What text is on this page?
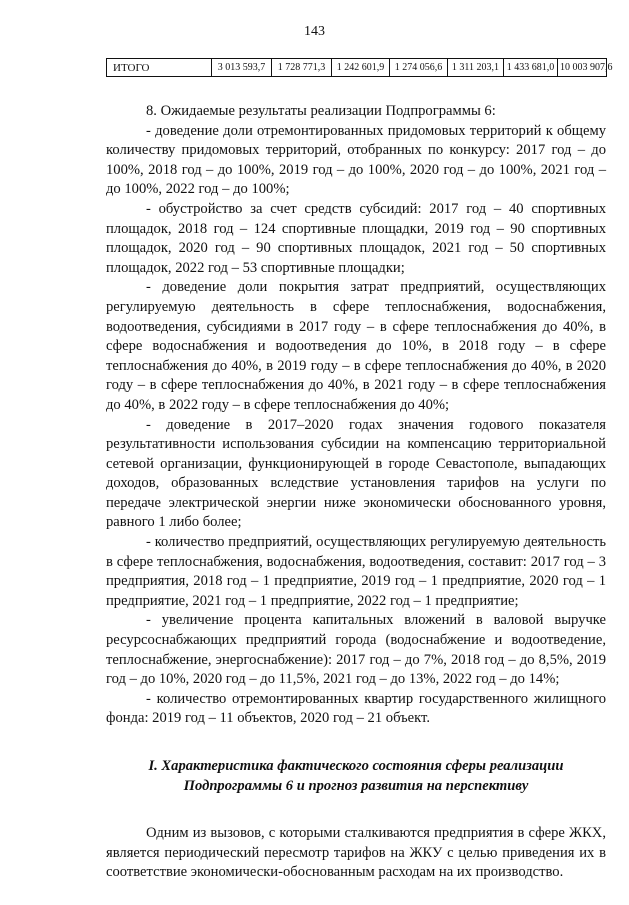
143
ИТОГО	3 013 593,7	1 728 771,3	1 242 601,9	1 274 056,6	1 311 203,1	1 433 681,0	10 003 907,6

8. Ожидаемые результаты реализации Подпрограммы 6:

- доведение доли отремонтированных придомовых территорий к общему количеству придомовых территорий, отобранных по конкурсу: 2017 год – до 100%, 2018 год – до 100%, 2019 год – до 100%, 2020 год – до 100%, 2021 год – до 100%, 2022 год – до 100%;

- обустройство за счет средств субсидий: 2017 год – 40 спортивных площадок, 2018 год – 124 спортивные площадки, 2019 год – 90 спортивных площадок, 2020 год – 90 спортивных площадок, 2021 год – 50 спортивных площадок, 2022 год – 53 спортивные площадки;

- доведение доли покрытия затрат предприятий, осуществляющих регулируемую деятельность в сфере теплоснабжения, водоснабжения, водоотведения, субсидиями в 2017 году – в сфере теплоснабжения до 40%, в сфере водоснабжения и водоотведения до 10%, в 2018 году – в сфере теплоснабжения до 40%, в 2019 году – в сфере теплоснабжения до 40%, в 2020 году – в сфере теплоснабжения до 40%, в 2021 году – в сфере теплоснабжения до 40%, в 2022 году – в сфере теплоснабжения до 40%;

- доведение в 2017–2020 годах значения годового показателя результативности использования субсидии на компенсацию территориальной сетевой организации, функционирующей в городе Севастополе, выпадающих доходов, образованных вследствие установления тарифов на услуги по передаче электрической энергии ниже экономически обоснованного уровня, равного 1 либо более;

- количество предприятий, осуществляющих регулируемую деятельность в сфере теплоснабжения, водоснабжения, водоотведения, составит: 2017 год – 3 предприятия, 2018 год – 1 предприятие, 2019 год – 1 предприятие, 2020 год – 1 предприятие, 2021 год – 1 предприятие, 2022 год – 1 предприятие;

- увеличение процента капитальных вложений в валовой выручке ресурсоснабжающих предприятий города (водоснабжение и водоотведение, теплоснабжение, энергоснабжение): 2017 год – до 7%, 2018 год – до 8,5%, 2019 год – до 10%, 2020 год – до 11,5%, 2021 год – до 13%, 2022 год – до 14%;

- количество отремонтированных квартир государственного жилищного фонда: 2019 год – 11 объектов, 2020 год – 21 объект.

I. Характеристика фактического состояния сферы реализации
Подпрограммы 6 и прогноз развития на перспективу

Одним из вызовов, с которыми сталкиваются предприятия в сфере ЖКХ, является периодический пересмотр тарифов на ЖКУ с целью приведения их в соответствие экономически-обоснованным расходам на их производство.
